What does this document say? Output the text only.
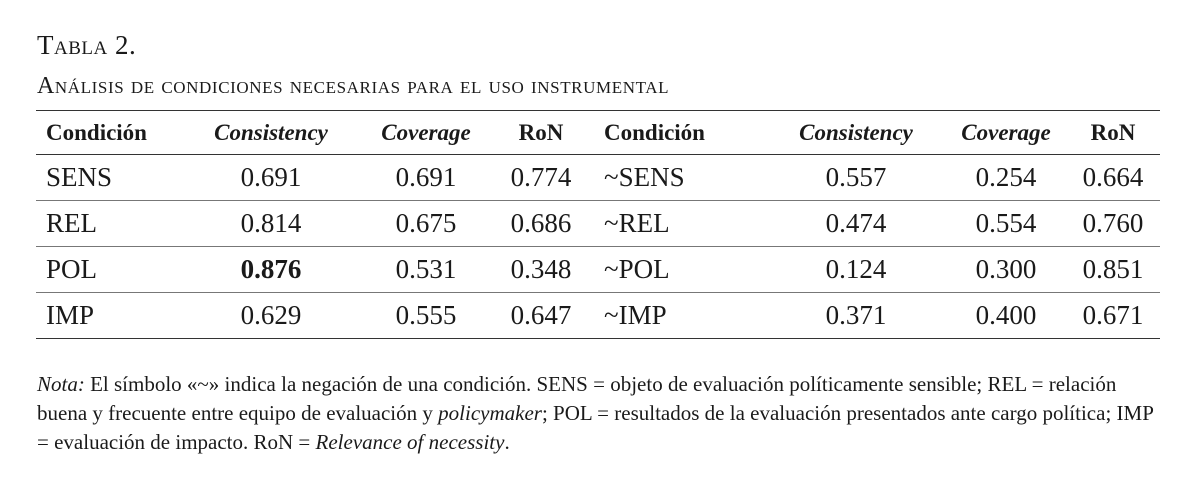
Tabla 2.
Análisis de condiciones necesarias para el uso instrumental
Condición	Consistency	Coverage	RoN	Condición	Consistency	Coverage	RoN
SENS	0.691	0.691	0.774	~SENS	0.557	0.254	0.664
REL	0.814	0.675	0.686	~REL	0.474	0.554	0.760
POL	0.876	0.531	0.348	~POL	0.124	0.300	0.851
IMP	0.629	0.555	0.647	~IMP	0.371	0.400	0.671

Nota: El símbolo «~» indica la negación de una condición. SENS = objeto de evaluación políticamente sensible; REL = relación buena y frecuente entre equipo de evaluación y policymaker; POL = resultados de la evaluación presentados ante cargo política; IMP = evaluación de impacto. RoN = Relevance of necessity.
